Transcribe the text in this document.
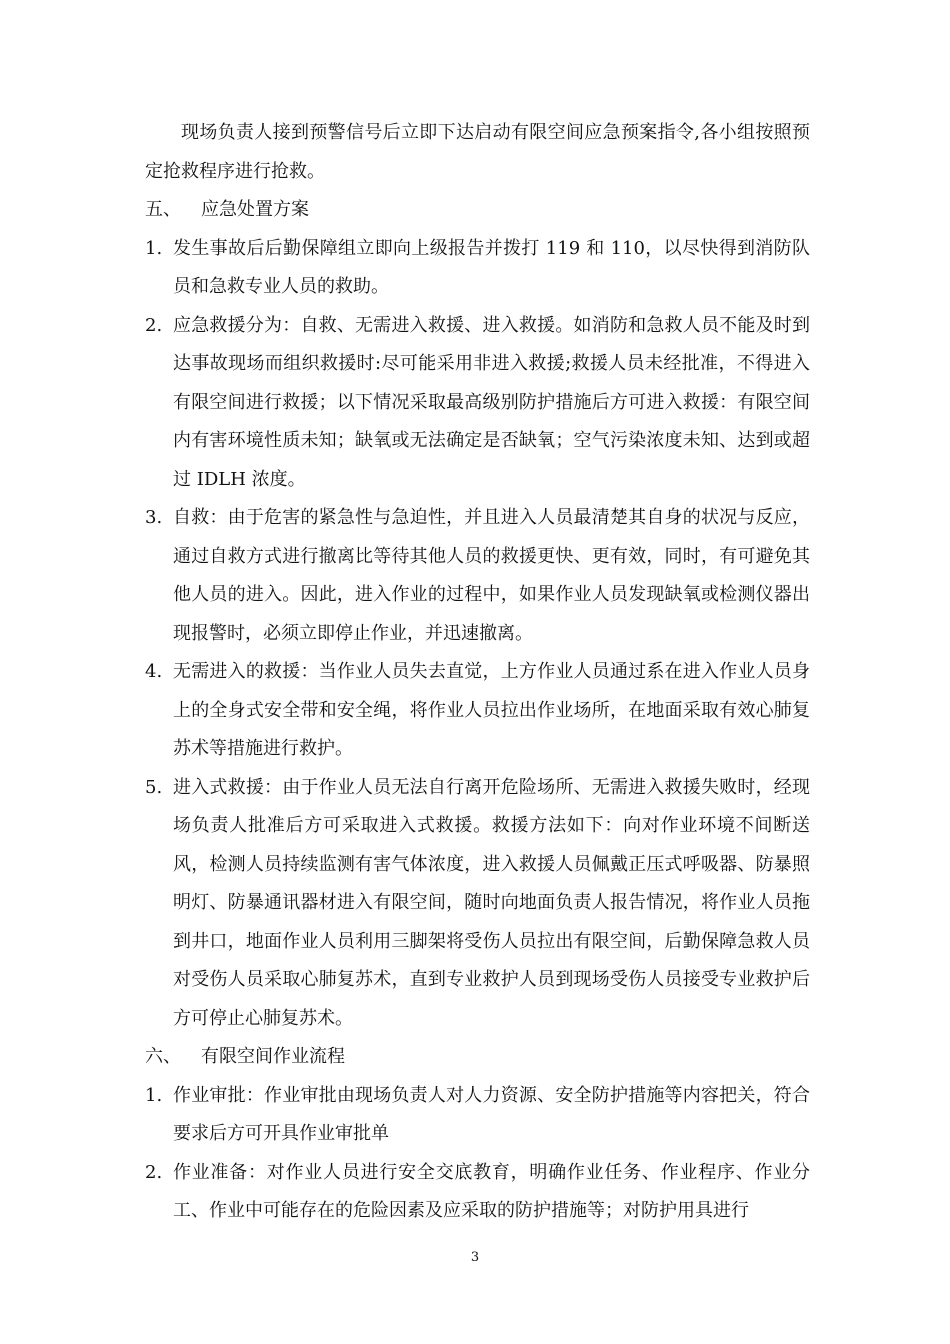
现场负责人接到预警信号后立即下达启动有限空间应急预案指令,各小组按照预定抢救程序进行抢救。

五、	应急处置方案
1. 发生事故后后勤保障组立即向上级报告并拨打 119 和 110，以尽快得到消防队员和急救专业人员的救助。
2. 应急救援分为：自救、无需进入救援、进入救援。如消防和急救人员不能及时到达事故现场而组织救援时:尽可能采用非进入救援;救援人员未经批准，不得进入有限空间进行救援；以下情况采取最高级别防护措施后方可进入救援：有限空间内有害环境性质未知；缺氧或无法确定是否缺氧；空气污染浓度未知、达到或超过 IDLH 浓度。
3. 自救：由于危害的紧急性与急迫性，并且进入人员最清楚其自身的状况与反应，通过自救方式进行撤离比等待其他人员的救援更快、更有效，同时，有可避免其他人员的进入。因此，进入作业的过程中，如果作业人员发现缺氧或检测仪器出现报警时，必须立即停止作业，并迅速撤离。
4. 无需进入的救援：当作业人员失去直觉，上方作业人员通过系在进入作业人员身上的全身式安全带和安全绳，将作业人员拉出作业场所，在地面采取有效心肺复苏术等措施进行救护。
5. 进入式救援：由于作业人员无法自行离开危险场所、无需进入救援失败时，经现场负责人批准后方可采取进入式救援。救援方法如下：向对作业环境不间断送风，检测人员持续监测有害气体浓度，进入救援人员佩戴正压式呼吸器、防暴照明灯、防暴通讯器材进入有限空间，随时向地面负责人报告情况，将作业人员拖到井口，地面作业人员利用三脚架将受伤人员拉出有限空间，后勤保障急救人员对受伤人员采取心肺复苏术，直到专业救护人员到现场受伤人员接受专业救护后方可停止心肺复苏术。
六、	有限空间作业流程
1. 作业审批：作业审批由现场负责人对人力资源、安全防护措施等内容把关，符合要求后方可开具作业审批单
2. 作业准备：对作业人员进行安全交底教育，明确作业任务、作业程序、作业分工、作业中可能存在的危险因素及应采取的防护措施等；对防护用具进行
3
